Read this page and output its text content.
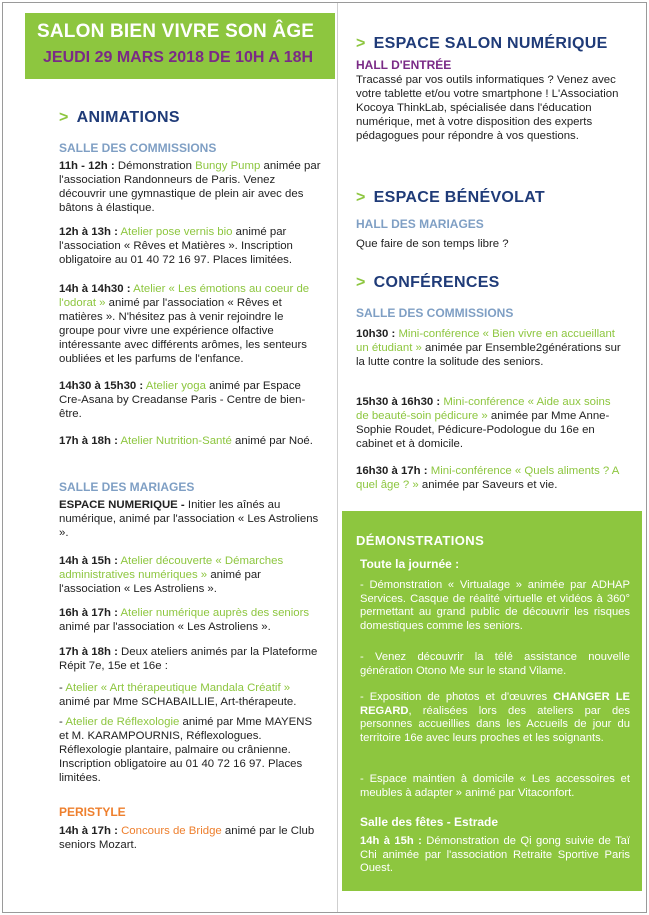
SALON BIEN VIVRE SON ÂGE
JEUDI 29 MARS 2018 DE 10H A 18H
> ANIMATIONS
SALLE DES COMMISSIONS
11h - 12h : Démonstration Bungy Pump animée par l'association Randonneurs de Paris. Venez découvrir une gymnastique de plein air avec des bâtons à élastique.
12h à 13h : Atelier pose vernis bio animé par l'association « Rêves et Matières ». Inscription obligatoire au 01 40 72 16 97. Places limitées.
14h à 14h30 : Atelier « Les émotions au coeur de l'odorat » animé par l'association « Rêves et matières ». N'hésitez pas à venir rejoindre le groupe pour vivre une expérience olfactive intéressante avec différents arômes, les senteurs oubliées et les parfums de l'enfance.
14h30 à 15h30 : Atelier yoga animé par Espace Cre-Asana by Creadanse Paris - Centre de bien-être.
17h à 18h : Atelier Nutrition-Santé animé par Noé.
SALLE DES MARIAGES
ESPACE NUMERIQUE - Initier les aînés au numérique, animé par l'association « Les Astroliens ».
14h à 15h : Atelier découverte « Démarches administratives numériques » animé par l'association « Les Astroliens ».
16h à 17h : Atelier numérique auprès des seniors animé par l'association « Les Astroliens ».
17h à 18h : Deux ateliers animés par la Plateforme Répit 7e, 15e et 16e :
- Atelier « Art thérapeutique Mandala Créatif » animé par Mme SCHABAILLIE, Art-thérapeute.
- Atelier de Réflexologie animé par Mme MAYENS et M. KARAMPOURNIS, Réflexologues. Réflexologie plantaire, palmaire ou crânienne. Inscription obligatoire au 01 40 72 16 97. Places limitées.
PERISTYLE
14h à 17h : Concours de Bridge animé par le Club seniors Mozart.
> ESPACE SALON NUMÉRIQUE
HALL D'ENTRÉE
Tracassé par vos outils informatiques ? Venez avec votre tablette et/ou votre smartphone ! L'Association Kocoya ThinkLab, spécialisée dans l'éducation numérique, met à votre disposition des experts pédagogues pour répondre à vos questions.
> ESPACE BÉNÉVOLAT
HALL DES MARIAGES
Que faire de son temps libre ?
> CONFÉRENCES
SALLE DES COMMISSIONS
10h30 : Mini-conférence « Bien vivre en accueillant un étudiant » animée par Ensemble2générations sur la lutte contre la solitude des seniors.
15h30 à 16h30 : Mini-conférence « Aide aux soins de beauté-soin pédicure » animée par Mme Anne-Sophie Roudet, Pédicure-Podologue du 16e en cabinet et à domicile.
16h30 à 17h : Mini-conférence « Quels aliments ? A quel âge ? » animée par Saveurs et vie.
DÉMONSTRATIONS
Toute la journée :
- Démonstration « Virtualage » animée par ADHAP Services. Casque de réalité virtuelle et vidéos à 360° permettant au grand public de découvrir les risques domestiques comme les seniors.
- Venez découvrir la télé assistance nouvelle génération Otono Me sur le stand Vilame.
- Exposition de photos et d'œuvres CHANGER LE REGARD, réalisées lors des ateliers par des personnes accueillies dans les Accueils de jour du territoire 16e avec leurs proches et les soignants.
- Espace maintien à domicile « Les accessoires et meubles à adapter » animé par Vitaconfort.
Salle des fêtes - Estrade
14h à 15h : Démonstration de Qi gong suivie de Taï Chi animée par l'association Retraite Sportive Paris Ouest.
